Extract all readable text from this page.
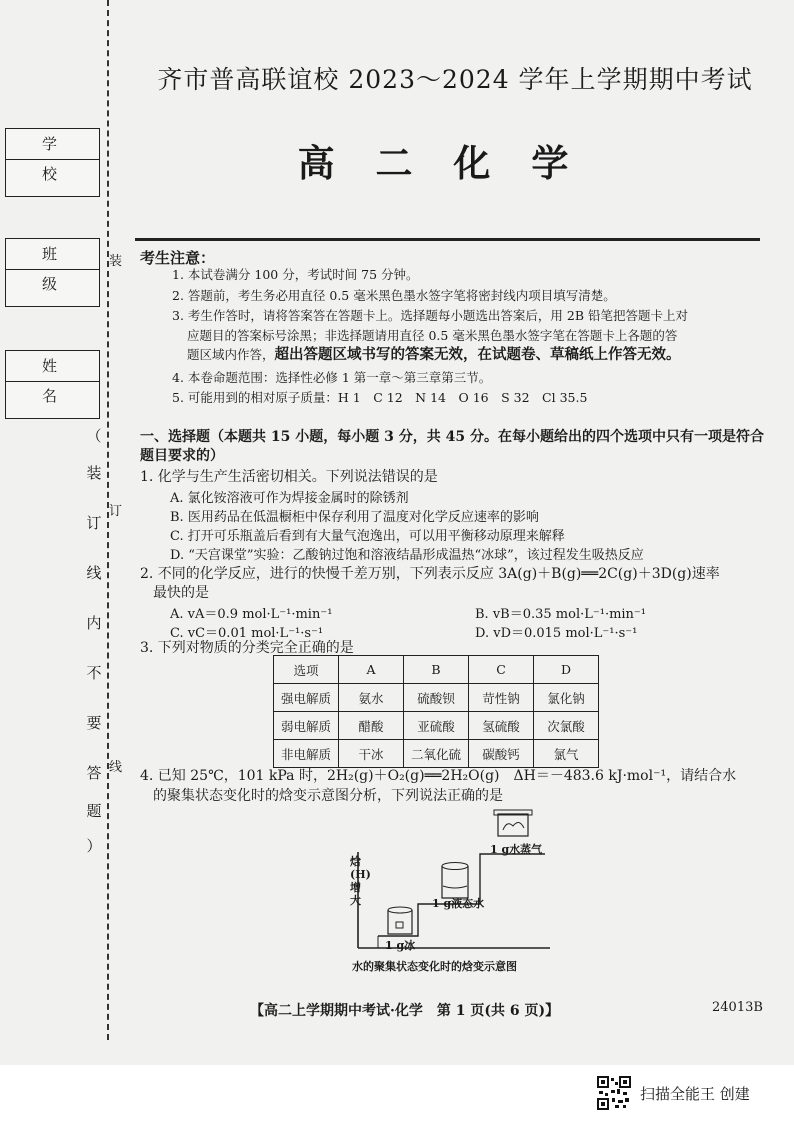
学 校
班 级
姓 名
装
订
线
（
装
订
线
内
不
要
答
题
）
齐市普高联谊校 2023～2024 学年上学期期中考试
高 二 化 学
考生注意：
1. 本试卷满分 100 分，考试时间 75 分钟。
2. 答题前，考生务必用直径 0.5 毫米黑色墨水签字笔将密封线内项目填写清楚。
3. 考生作答时，请将答案答在答题卡上。选择题每小题选出答案后，用 2B 铅笔把答题卡上对
应题目的答案标号涂黑；非选择题请用直径 0.5 毫米黑色墨水签字笔在答题卡上各题的答
题区域内作答，超出答题区域书写的答案无效，在试题卷、草稿纸上作答无效。
4. 本卷命题范围：选择性必修 1 第一章～第三章第三节。
5. 可能用到的相对原子质量：H 1　C 12　N 14　O 16　S 32　Cl 35.5
一、选择题（本题共 15 小题，每小题 3 分，共 45 分。在每小题给出的四个选项中只有一项是符合题目要求的）
1. 化学与生产生活密切相关。下列说法错误的是
A. 氯化铵溶液可作为焊接金属时的除锈剂
B. 医用药品在低温橱柜中保存利用了温度对化学反应速率的影响
C. 打开可乐瓶盖后看到有大量气泡逸出，可以用平衡移动原理来解释
D. “天宫课堂”实验：乙酸钠过饱和溶液结晶形成温热“冰球”，该过程发生吸热反应
2. 不同的化学反应，进行的快慢千差万别，下列表示反应 3A(g)＋B(g)══2C(g)＋3D(g)速率
最快的是
A. vA＝0.9 mol·L⁻¹·min⁻¹	B. vB＝0.35 mol·L⁻¹·min⁻¹
C. vC＝0.01 mol·L⁻¹·s⁻¹	D. vD＝0.015 mol·L⁻¹·s⁻¹
3. 下列对物质的分类完全正确的是
选项	A	B	C	D
强电解质	氨水	硫酸钡	苛性钠	氯化钠
弱电解质	醋酸	亚硫酸	氢硫酸	次氯酸
非电解质	干冰	二氧化硫	碳酸钙	氯气
4. 已知 25℃，101 kPa 时，2H₂(g)＋O₂(g)══2H₂O(g)　ΔH＝－483.6 kJ·mol⁻¹，请结合水
的聚集状态变化时的焓变示意图分析，下列说法正确的是
焓(H)增大
1 g冰
1 g液态水
1 g水蒸气
水的聚集状态变化时的焓变示意图
【高二上学期期中考试·化学　第 1 页(共 6 页)】	24013B
扫描全能王 创建
